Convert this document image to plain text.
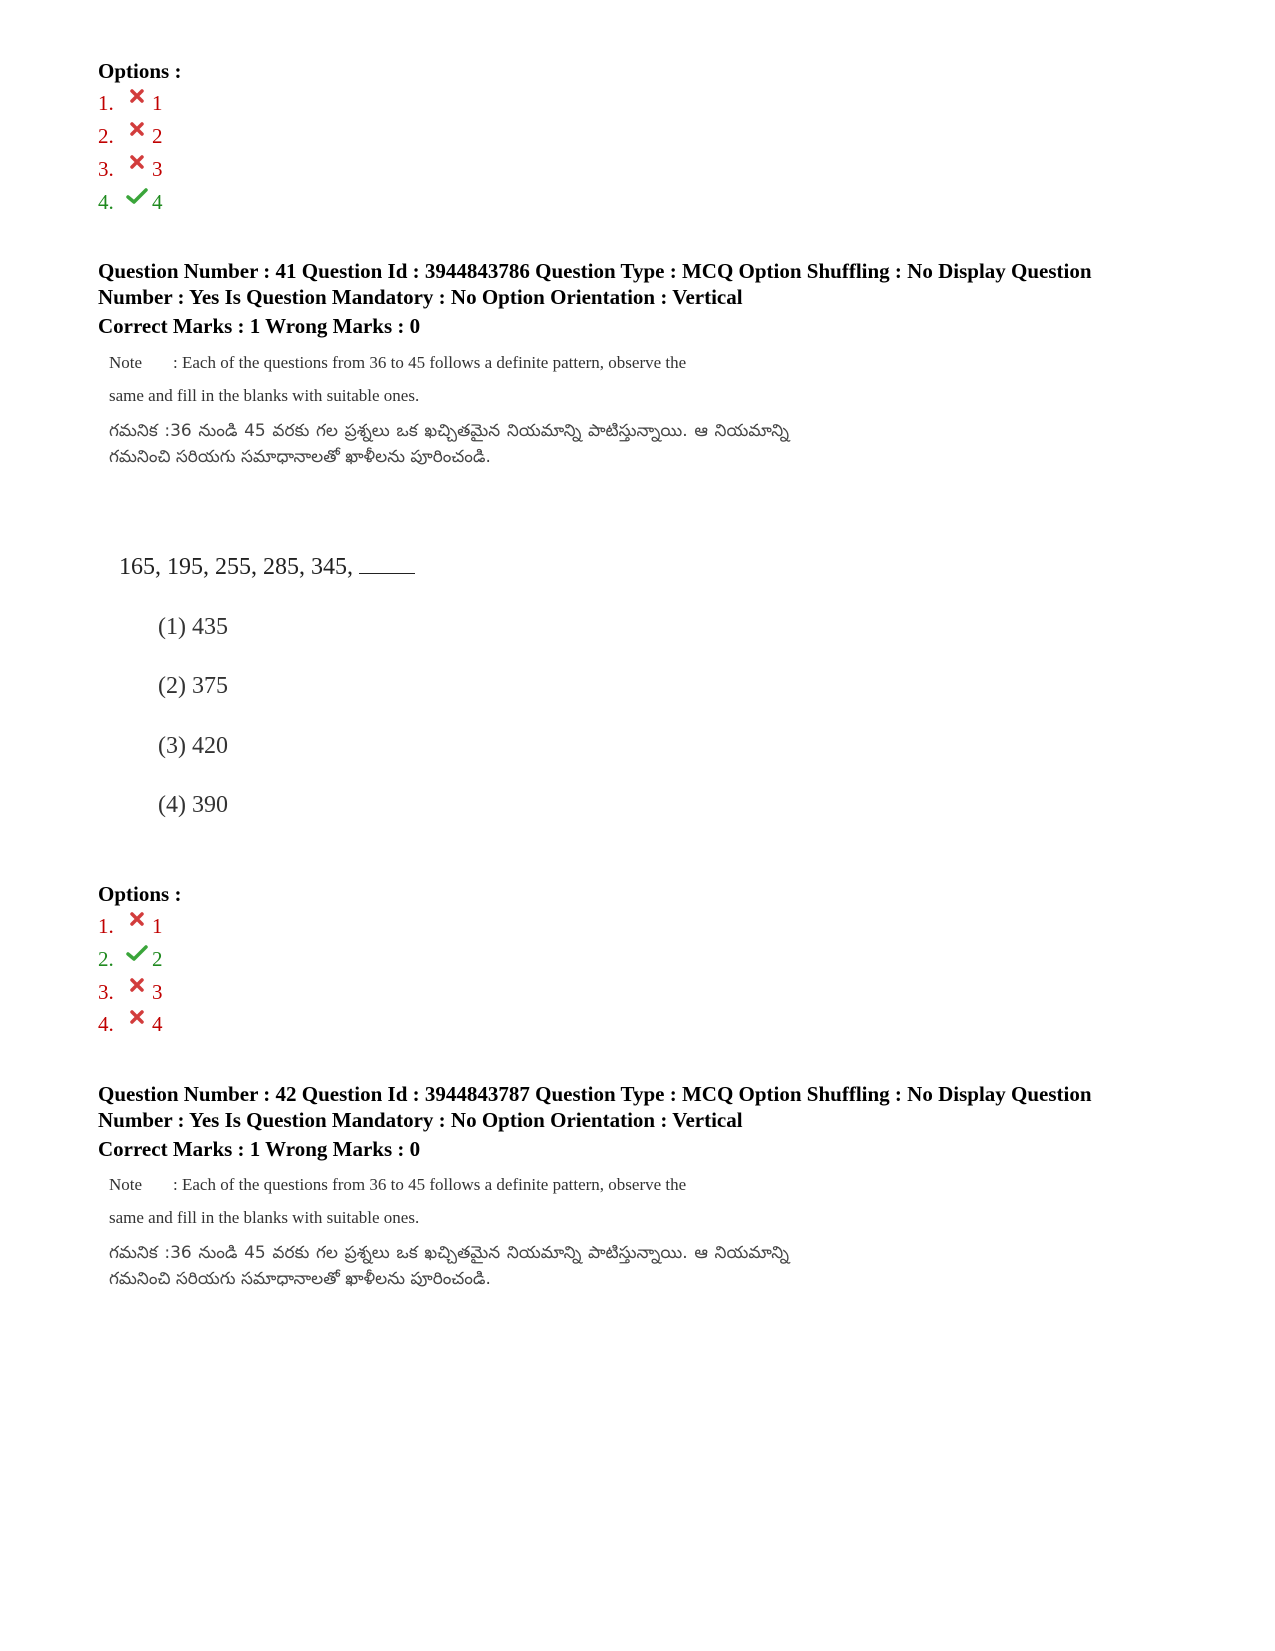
Options :
1.	1
2.	2
3.	3
4.	4
Question Number : 41 Question Id : 3944843786 Question Type : MCQ Option Shuffling : No Display Question
Number : Yes Is Question Mandatory : No Option Orientation : Vertical
Correct Marks : 1 Wrong Marks : 0
Note : Each of the questions from 36 to 45 follows a definite pattern, observe the
same and fill in the blanks with suitable ones.
గమనిక :36 నుండి 45 వరకు గల ప్రశ్నలు ఒక ఖచ్చితమైన నియమాన్ని పాటిస్తున్నాయి. ఆ నియమాన్ని గమనించి సరియగు సమాధానాలతో ఖాళీలను పూరించండి.
165, 195, 255, 285, 345,
(1) 435
(2) 375
(3) 420
(4) 390
Options :
1.	1
2.	2
3.	3
4.	4
Question Number : 42 Question Id : 3944843787 Question Type : MCQ Option Shuffling : No Display Question
Number : Yes Is Question Mandatory : No Option Orientation : Vertical
Correct Marks : 1 Wrong Marks : 0
Note : Each of the questions from 36 to 45 follows a definite pattern, observe the
same and fill in the blanks with suitable ones.
గమనిక :36 నుండి 45 వరకు గల ప్రశ్నలు ఒక ఖచ్చితమైన నియమాన్ని పాటిస్తున్నాయి. ఆ నియమాన్ని గమనించి సరియగు సమాధానాలతో ఖాళీలను పూరించండి.
